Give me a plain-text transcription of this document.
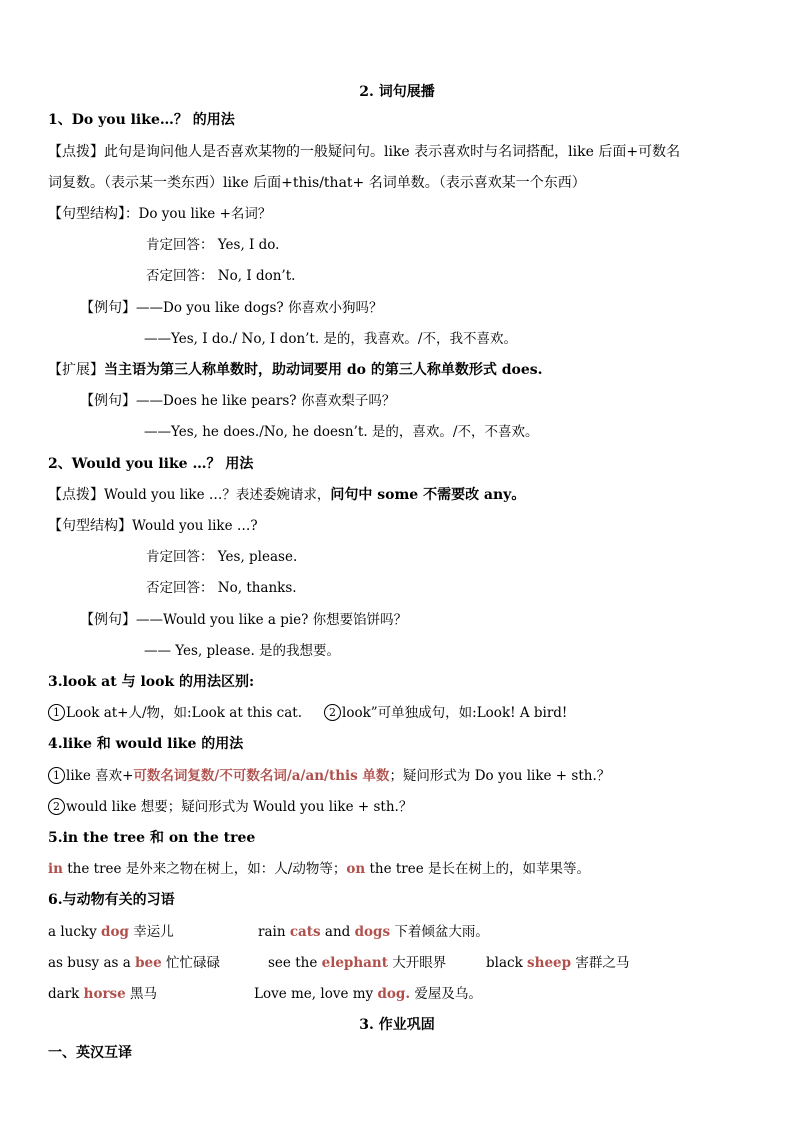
2. 词句展播
1、Do you like…？ 的用法
【点拨】此句是询问他人是否喜欢某物的一般疑问句。like 表示喜欢时与名词搭配，like 后面+可数名
词复数。（表示某一类东西）like 后面+this/that+ 名词单数。（表示喜欢某一个东西）
【句型结构】：Do you like +名词？
肯定回答： Yes, I do.
否定回答： No, I don’t.
【例句】——Do you like dogs? 你喜欢小狗吗？
——Yes, I do./ No, I don’t. 是的，我喜欢。/不，我不喜欢。
【扩展】当主语为第三人称单数时，助动词要用 do 的第三人称单数形式 does.
【例句】——Does he like pears? 你喜欢梨子吗？
——Yes, he does./No, he doesn’t. 是的，喜欢。/不，不喜欢。
2、Would you like …？ 用法
【点拨】Would you like …？表述委婉请求，问句中 some 不需要改 any。
【句型结构】Would you like …?
肯定回答： Yes, please.
否定回答： No, thanks.
【例句】——Would you like a pie? 你想要馅饼吗？
—— Yes, please. 是的我想要。
3.look at 与 look 的用法区别:
1 Look at+人/物，如:Look at this cat. 2 look”可单独成句，如:Look! A bird!
4.like 和 would like 的用法
1 like 喜欢+可数名词复数/不可数名词/a/an/this 单数；疑问形式为 Do you like + sth.？
2 would like 想要；疑问形式为 Would you like + sth.？
5.in the tree 和 on the tree
in the tree 是外来之物在树上，如：人/动物等；on the tree 是长在树上的，如苹果等。
6.与动物有关的习语
a lucky dog 幸运儿	rain cats and dogs 下着倾盆大雨。
as busy as a bee 忙忙碌碌	see the elephant 大开眼界	black sheep 害群之马
dark horse 黑马	Love me, love my dog. 爱屋及乌。
3. 作业巩固
一、英汉互译
